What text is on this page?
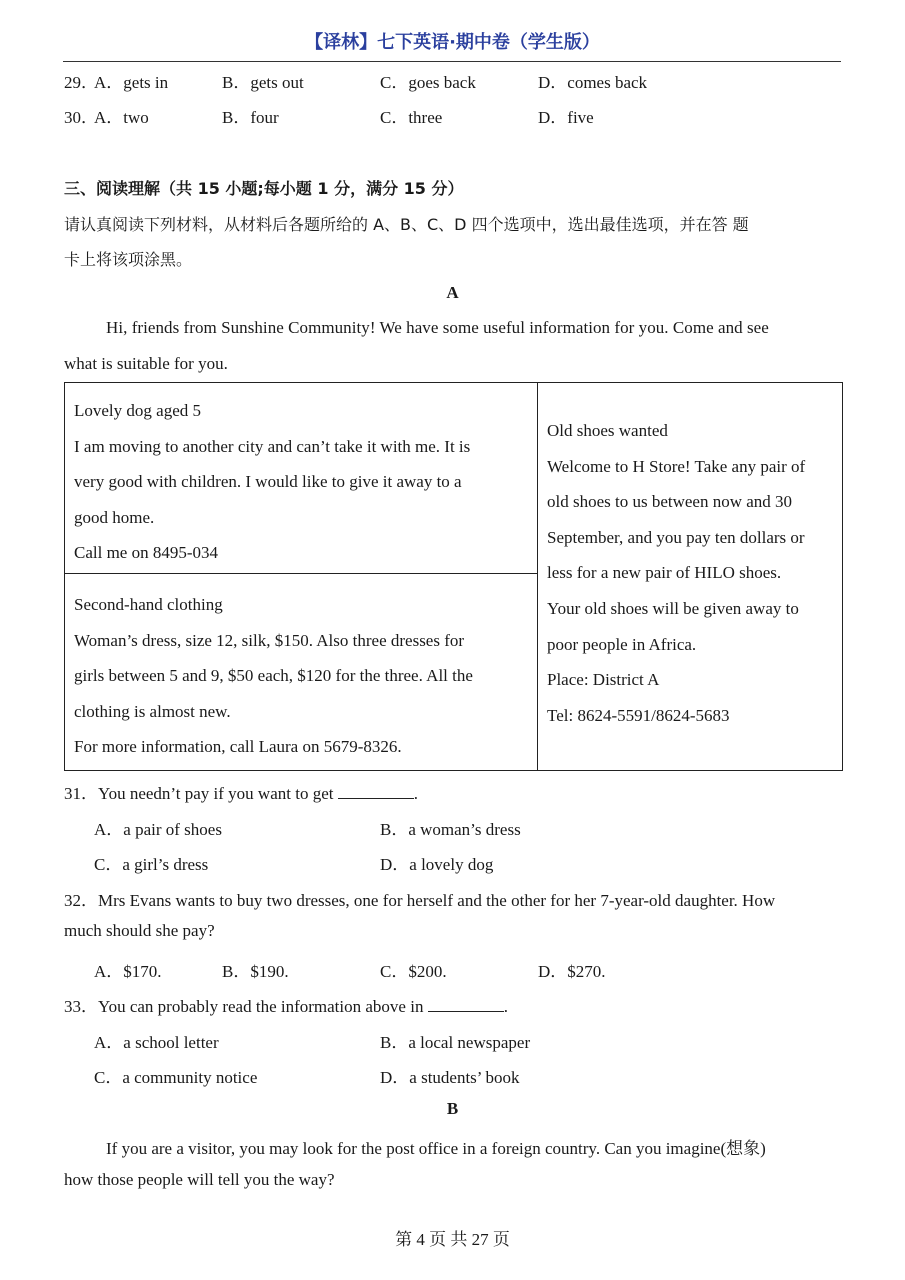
【译林】七下英语·期中卷（学生版）
29．
A．gets in	B．gets out	C．goes back	D．comes back
30．
A．two	B．four	C．three	D．five
三、阅读理解（共 15 小题;每小题 1 分，满分 15 分）
请认真阅读下列材料，从材料后各题所给的 A、B、C、D 四个选项中，选出最佳选项，并在答 题
卡上将该项涂黑。
A
Hi, friends from Sunshine Community! We have some useful information for you. Come and see
what is suitable for you.
Lovely dog aged 5
I am moving to another city and can’t take it with me. It is
very good with children. I would like to give it away to a
good home.
Call me on 8495-034

Old shoes wanted
Welcome to H Store! Take any pair of
old shoes to us between now and 30
September, and you pay ten dollars or
less for a new pair of HILO shoes.
Your old shoes will be given away to
poor people in Africa.
Place: District A
Tel: 8624-5591/8624-5683

Second-hand clothing
Woman’s dress, size 12, silk, $150. Also three dresses for
girls between 5 and 9, $50 each, $120 for the three. All the
clothing is almost new.
For more information, call Laura on 5679-8326.
31．You needn’t pay if you want to get	.
A．a pair of shoes	B．a woman’s dress
C．a girl’s dress	D．a lovely dog
32．Mrs Evans wants to buy two dresses, one for herself and the other for her 7-year-old daughter. How
much should she pay?
A．$170.	B．$190.	C．$200.	D．$270.
33．You can probably read the information above in	.
A．a school letter	B．a local newspaper
C．a community notice	D．a students’ book
B
If you are a visitor, you may look for the post office in a foreign country. Can you imagine(想象)
how those people will tell you the way?
第 4 页 共 27 页
